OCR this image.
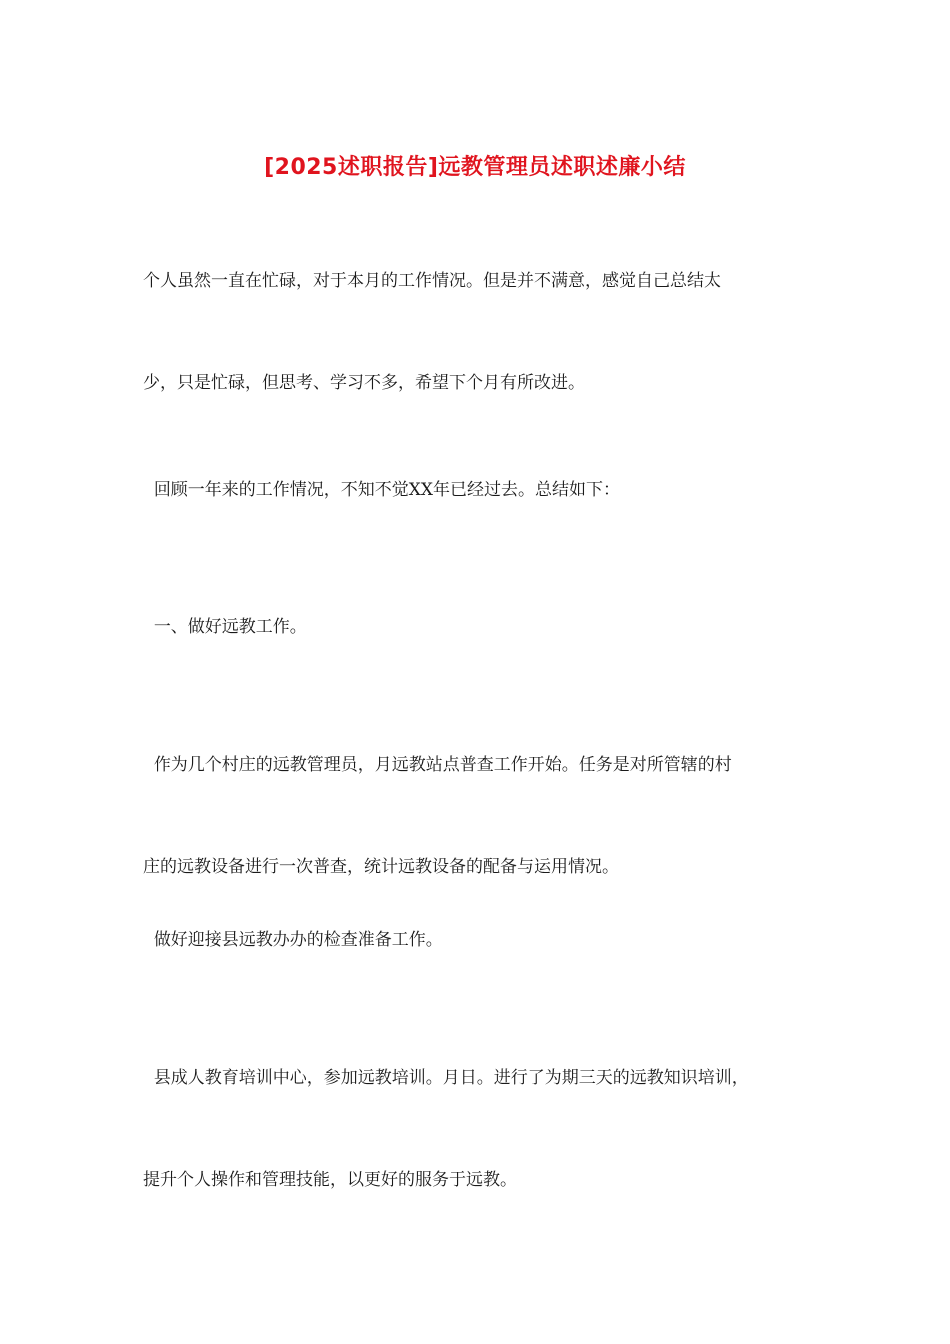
[2025述职报告]远教管理员述职述廉小结

个人虽然一直在忙碌，对于本月的工作情况。但是并不满意，感觉自己总结太

少，只是忙碌，但思考、学习不多，希望下个月有所改进。

回顾一年来的工作情况，不知不觉XX年已经过去。总结如下：

一、做好远教工作。

作为几个村庄的远教管理员，月远教站点普查工作开始。任务是对所管辖的村

庄的远教设备进行一次普查，统计远教设备的配备与运用情况。

做好迎接县远教办办的检查准备工作。

县成人教育培训中心，参加远教培训。月日。进行了为期三天的远教知识培训，

提升个人操作和管理技能，以更好的服务于远教。
